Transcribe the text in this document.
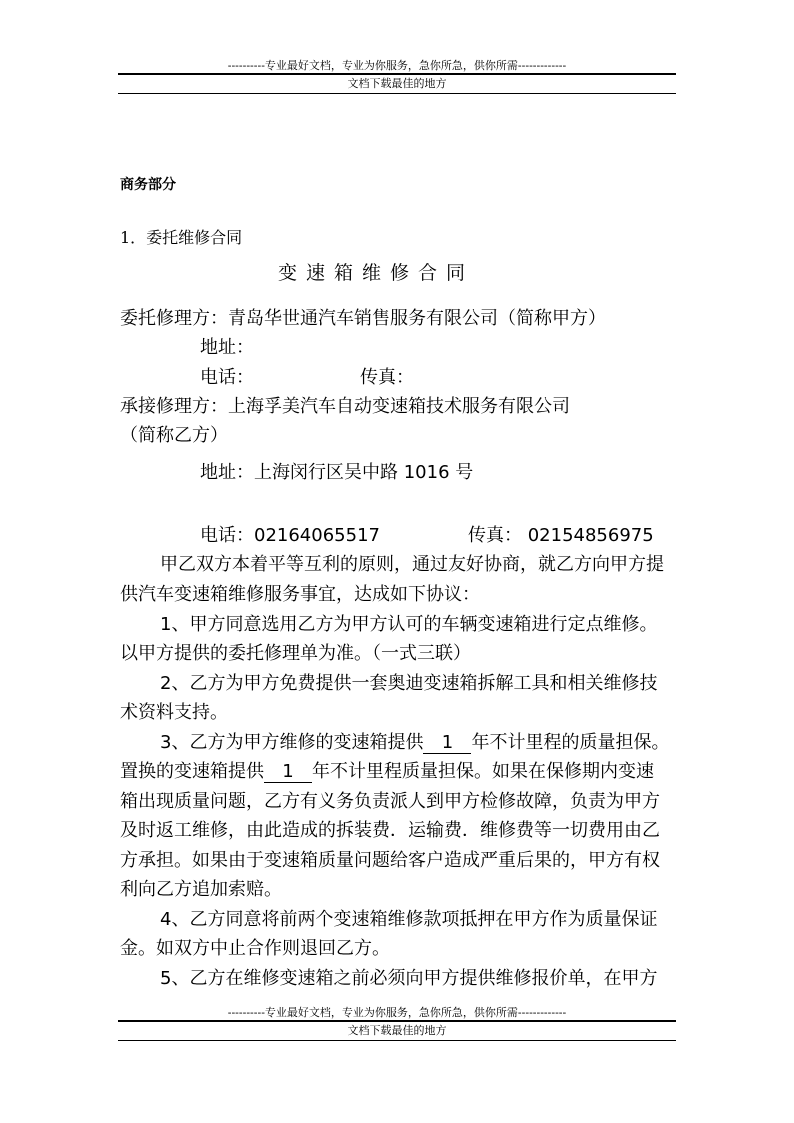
----------专业最好文档，专业为你服务，急你所急，供你所需-------------
文档下载最佳的地方
商务部分
1．委托维修合同
变速箱维修合同
委托修理方：青岛华世通汽车销售服务有限公司（简称甲方）
地址：
电话：	传真：
承接修理方：上海孚美汽车自动变速箱技术服务有限公司
（简称乙方）
地址：上海闵行区吴中路 1016 号
电话：02164065517	传真： 02154856975
甲乙双方本着平等互利的原则，通过友好协商，就乙方向甲方提
供汽车变速箱维修服务事宜，达成如下协议：
1、甲方同意选用乙方为甲方认可的车辆变速箱进行定点维修。
以甲方提供的委托修理单为准。（一式三联）
2、乙方为甲方免费提供一套奥迪变速箱拆解工具和相关维修技
术资料支持。
3、乙方为甲方维修的变速箱提供 1 年不计里程的质量担保。
置换的变速箱提供 1 年不计里程质量担保。如果在保修期内变速
箱出现质量问题，乙方有义务负责派人到甲方检修故障，负责为甲方
及时返工维修，由此造成的拆装费．运输费．维修费等一切费用由乙
方承担。如果由于变速箱质量问题给客户造成严重后果的，甲方有权
利向乙方追加索赔。
4、乙方同意将前两个变速箱维修款项抵押在甲方作为质量保证
金。如双方中止合作则退回乙方。
5、乙方在维修变速箱之前必须向甲方提供维修报价单，在甲方
----------专业最好文档，专业为你服务，急你所急，供你所需-------------
文档下载最佳的地方
